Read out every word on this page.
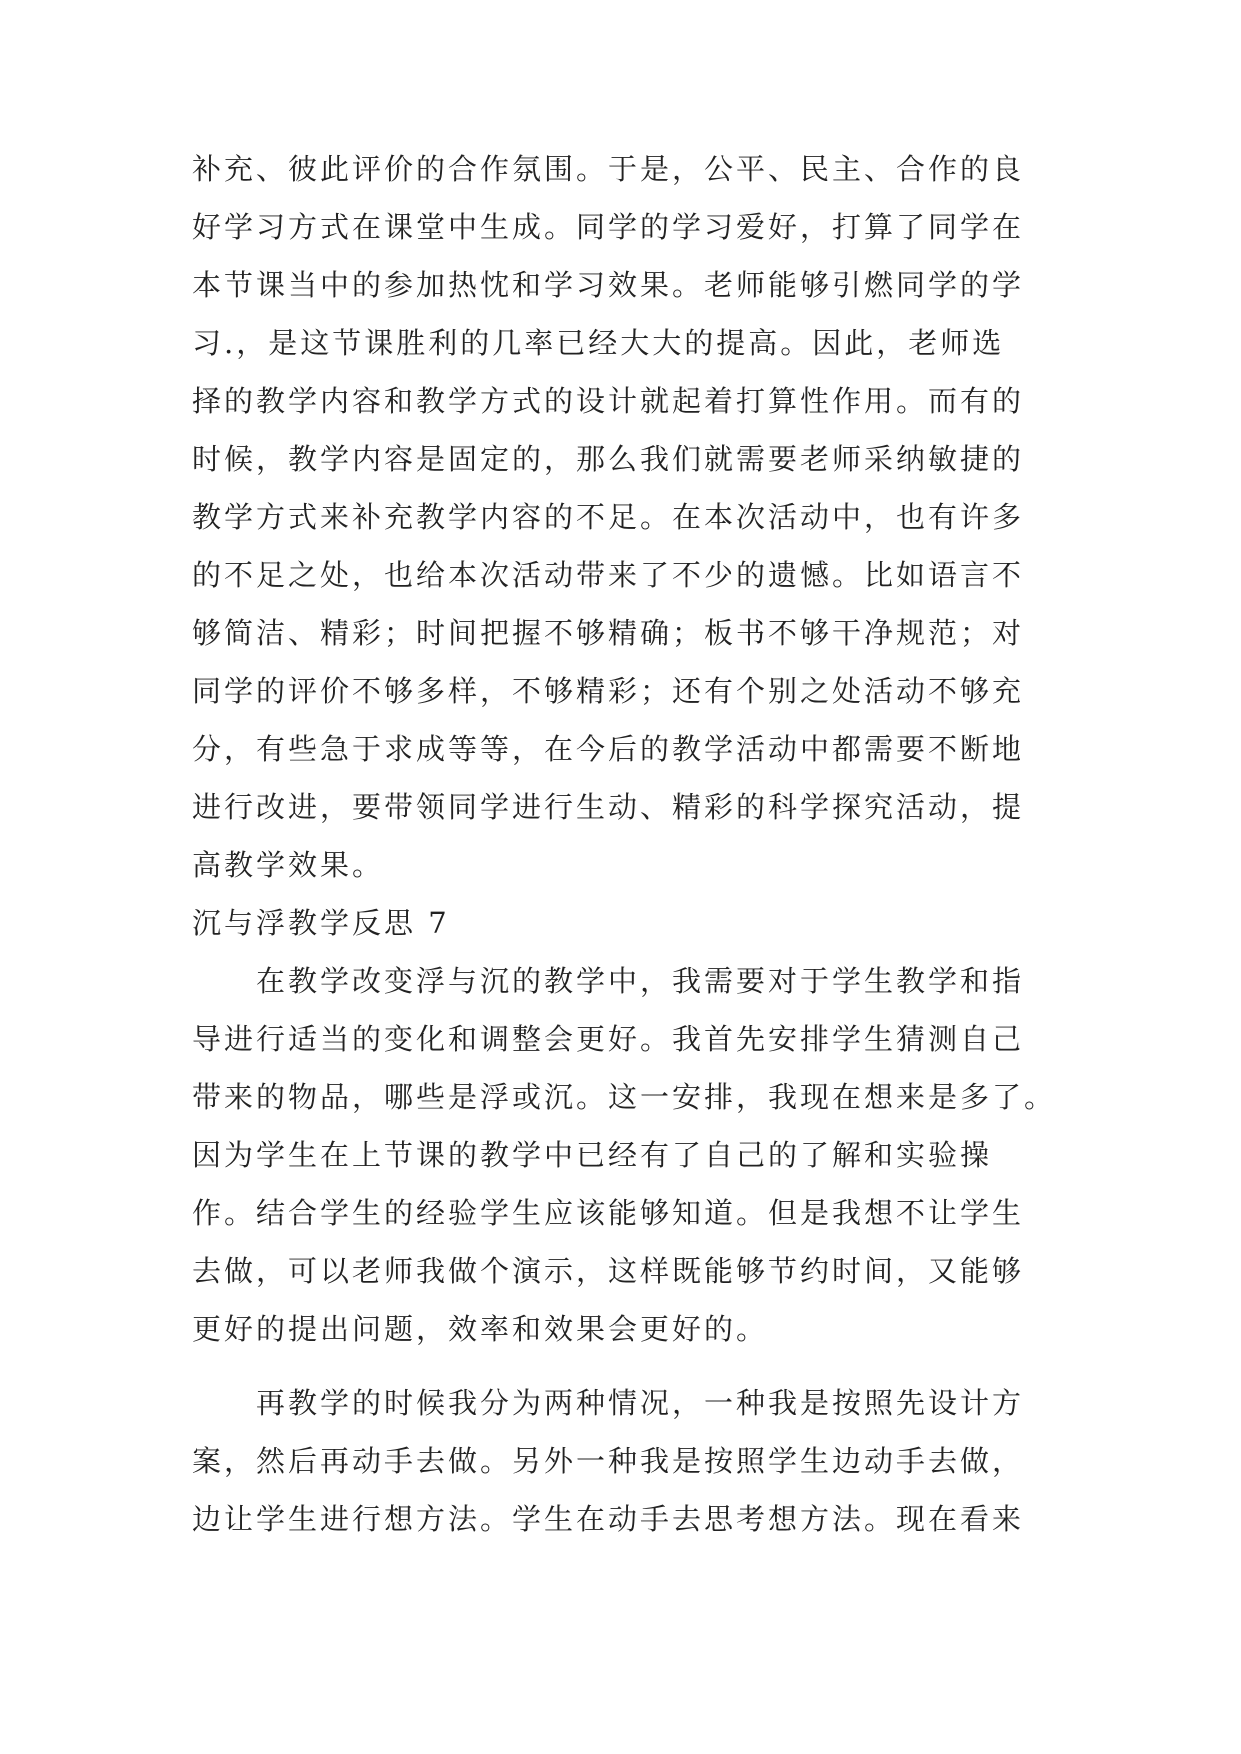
补充、彼此评价的合作氛围。于是，公平、民主、合作的良
好学习方式在课堂中生成。同学的学习爱好，打算了同学在
本节课当中的参加热忱和学习效果。老师能够引燃同学的学
习.，是这节课胜利的几率已经大大的提高。因此，老师选
择的教学内容和教学方式的设计就起着打算性作用。而有的
时候，教学内容是固定的，那么我们就需要老师采纳敏捷的
教学方式来补充教学内容的不足。在本次活动中，也有许多
的不足之处，也给本次活动带来了不少的遗憾。比如语言不
够简洁、精彩；时间把握不够精确；板书不够干净规范；对
同学的评价不够多样，不够精彩；还有个别之处活动不够充
分，有些急于求成等等，在今后的教学活动中都需要不断地
进行改进，要带领同学进行生动、精彩的科学探究活动，提
高教学效果。
沉与浮教学反思 7
在教学改变浮与沉的教学中，我需要对于学生教学和指
导进行适当的变化和调整会更好。我首先安排学生猜测自己
带来的物品，哪些是浮或沉。这一安排，我现在想来是多了。
因为学生在上节课的教学中已经有了自己的了解和实验操
作。结合学生的经验学生应该能够知道。但是我想不让学生
去做，可以老师我做个演示，这样既能够节约时间，又能够
更好的提出问题，效率和效果会更好的。
再教学的时候我分为两种情况，一种我是按照先设计方
案，然后再动手去做。另外一种我是按照学生边动手去做，
边让学生进行想方法。学生在动手去思考想方法。现在看来
